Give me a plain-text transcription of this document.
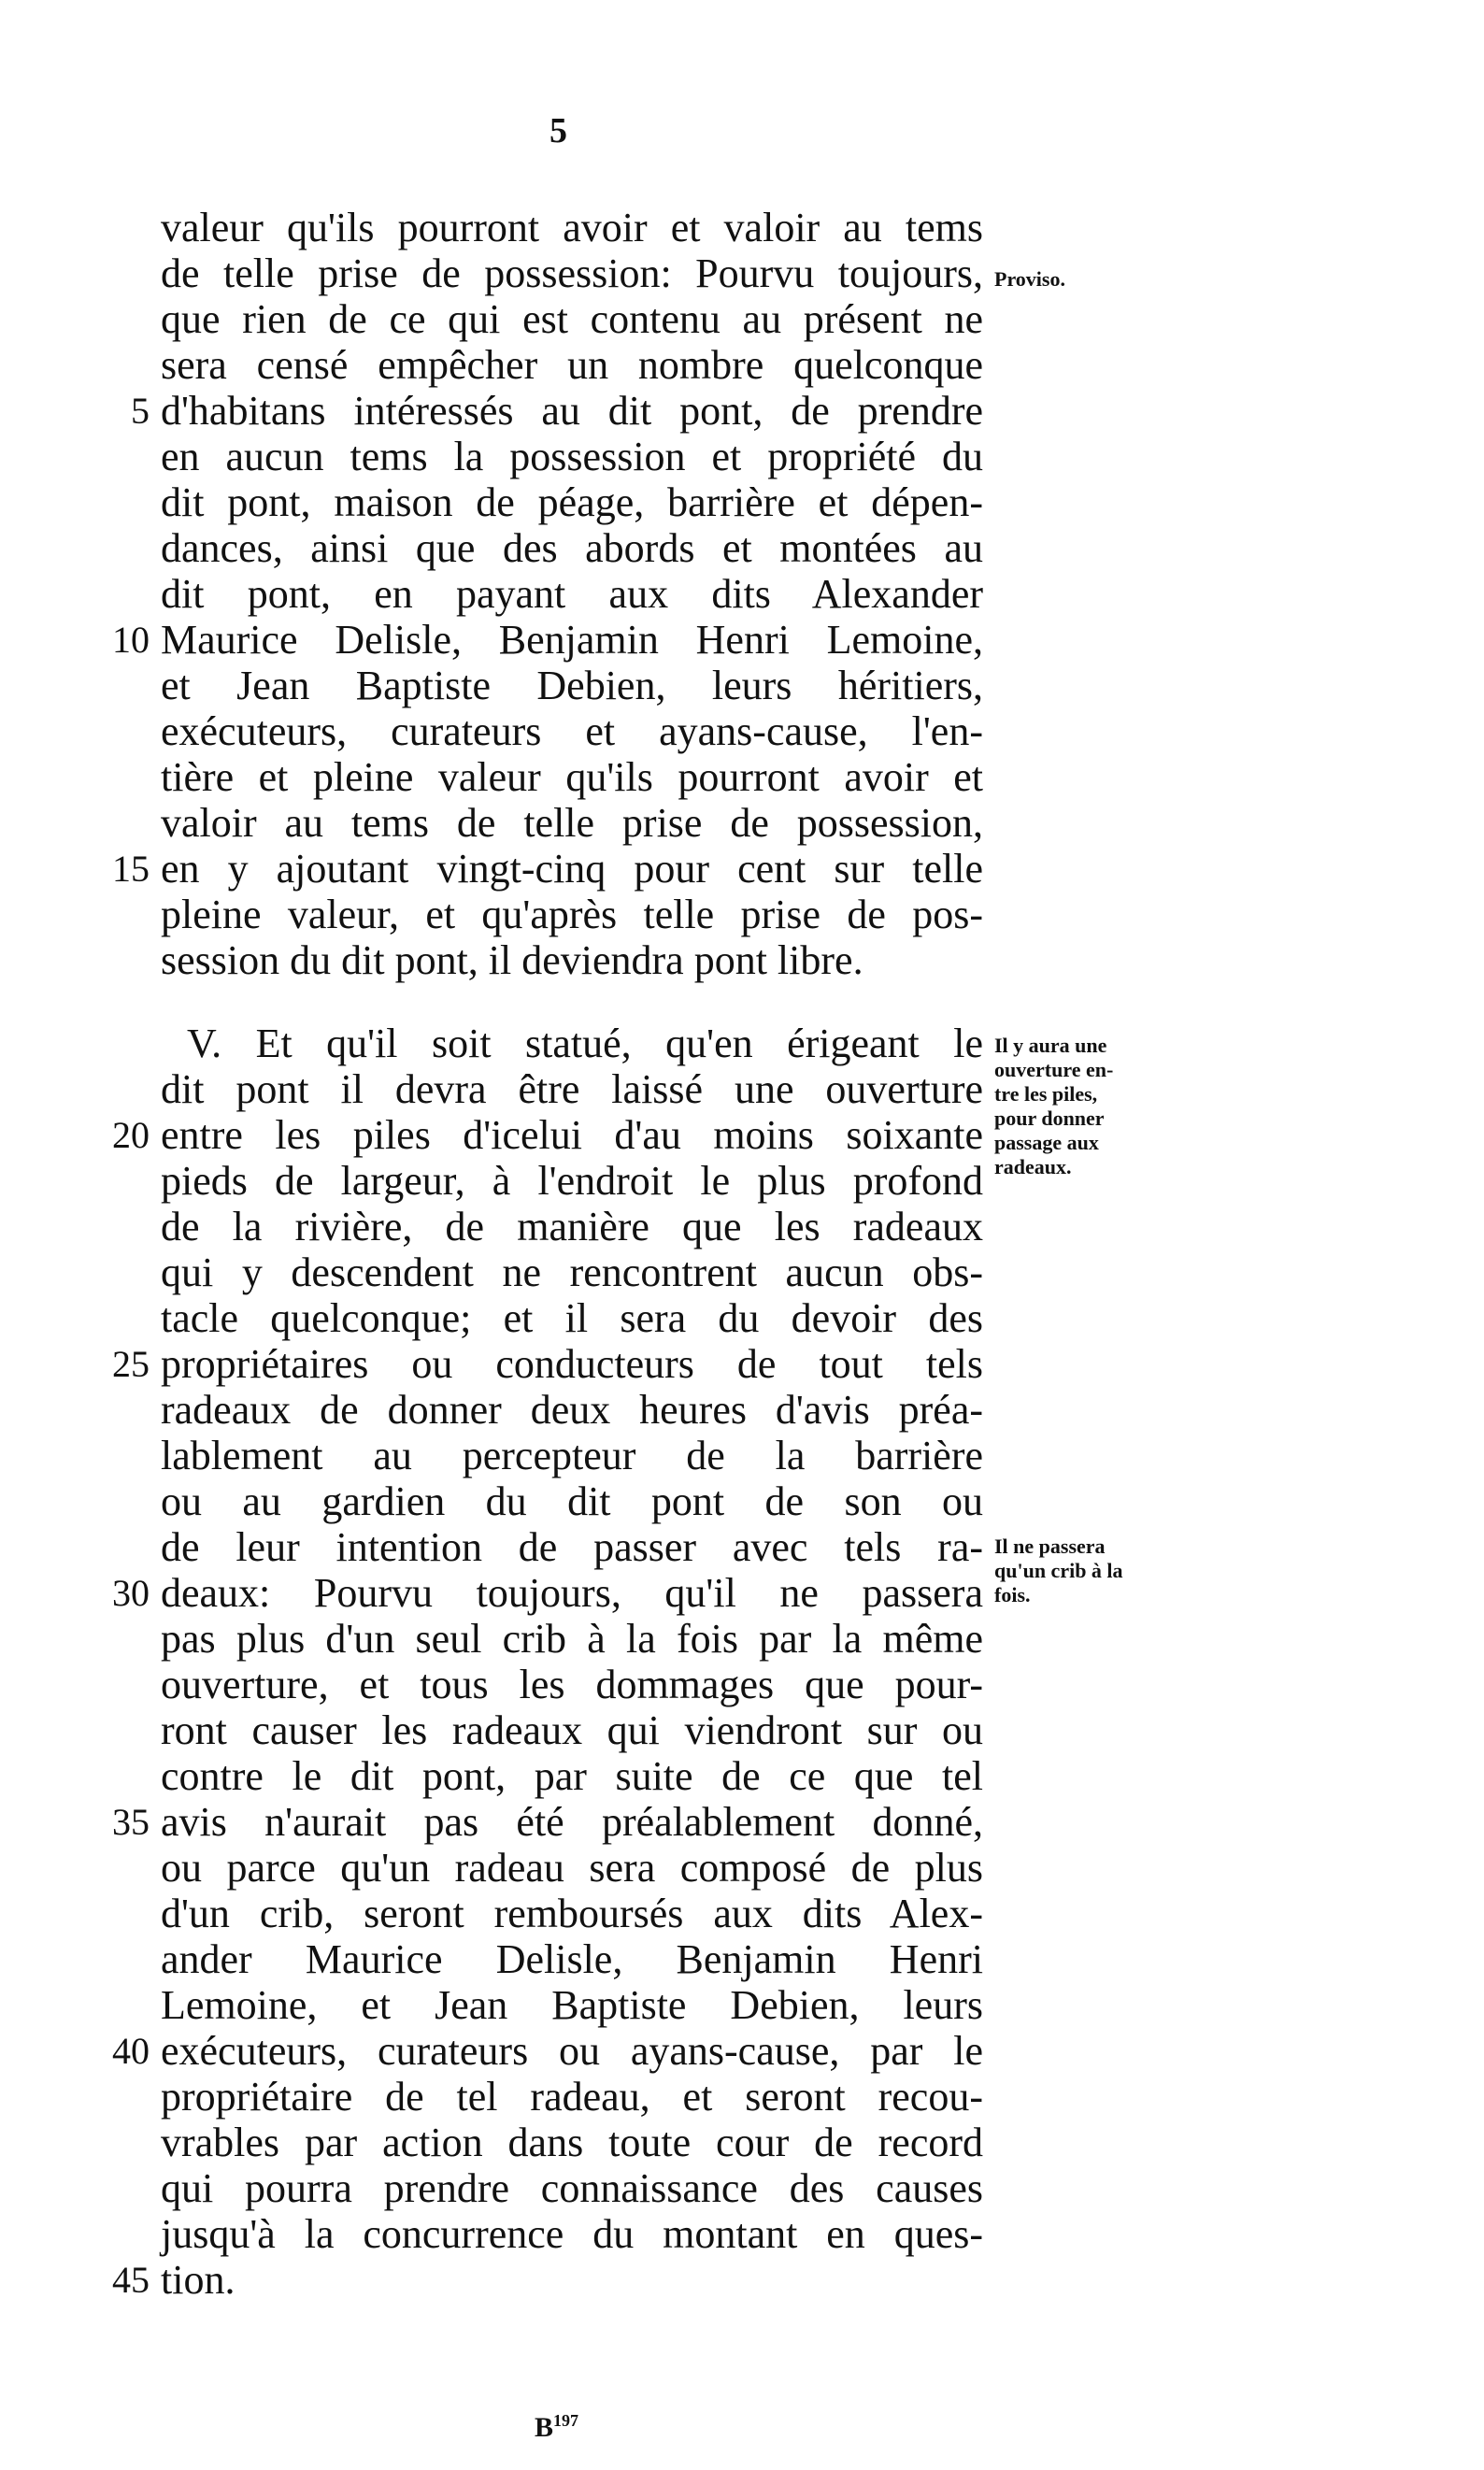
5
valeur qu'ils pourront avoir et valoir au tems
de telle prise de possession: Pourvu toujours,
que rien de ce qui est contenu au présent ne
sera censé empêcher un nombre quelconque
d'habitans intéressés au dit pont, de prendre
en aucun tems la possession et propriété du
dit pont, maison de péage, barrière et dépen-
dances, ainsi que des abords et montées au
dit pont, en payant aux dits Alexander
Maurice Delisle, Benjamin Henri Lemoine,
et Jean Baptiste Debien, leurs héritiers,
exécuteurs, curateurs et ayans-cause, l'en-
tière et pleine valeur qu'ils pourront avoir et
valoir au tems de telle prise de possession,
en y ajoutant vingt-cinq pour cent sur telle
pleine valeur, et qu'après telle prise de pos-
session du dit pont, il deviendra pont libre.
V. Et qu'il soit statué, qu'en érigeant le
dit pont il devra être laissé une ouverture
entre les piles d'icelui d'au moins soixante
pieds de largeur, à l'endroit le plus profond
de la rivière, de manière que les radeaux
qui y descendent ne rencontrent aucun obs-
tacle quelconque; et il sera du devoir des
propriétaires ou conducteurs de tout tels
radeaux de donner deux heures d'avis préa-
lablement au percepteur de la barrière
ou au gardien du dit pont de son ou
de leur intention de passer avec tels ra-
deaux: Pourvu toujours, qu'il ne passera
pas plus d'un seul crib à la fois par la même
ouverture, et tous les dommages que pour-
ront causer les radeaux qui viendront sur ou
contre le dit pont, par suite de ce que tel
avis n'aurait pas été préalablement donné,
ou parce qu'un radeau sera composé de plus
d'un crib, seront remboursés aux dits Alex-
ander Maurice Delisle, Benjamin Henri
Lemoine, et Jean Baptiste Debien, leurs
exécuteurs, curateurs ou ayans-cause, par le
propriétaire de tel radeau, et seront recou-
vrables par action dans toute cour de record
qui pourra prendre connaissance des causes
jusqu'à la concurrence du montant en ques-
tion.
5
10
15
20
25
30
35
40
45
Proviso.
Il y aura une
ouverture en-
tre les piles,
pour donner
passage aux
radeaux.
Il ne passera
qu'un crib à la
fois.
$B^{197}$
